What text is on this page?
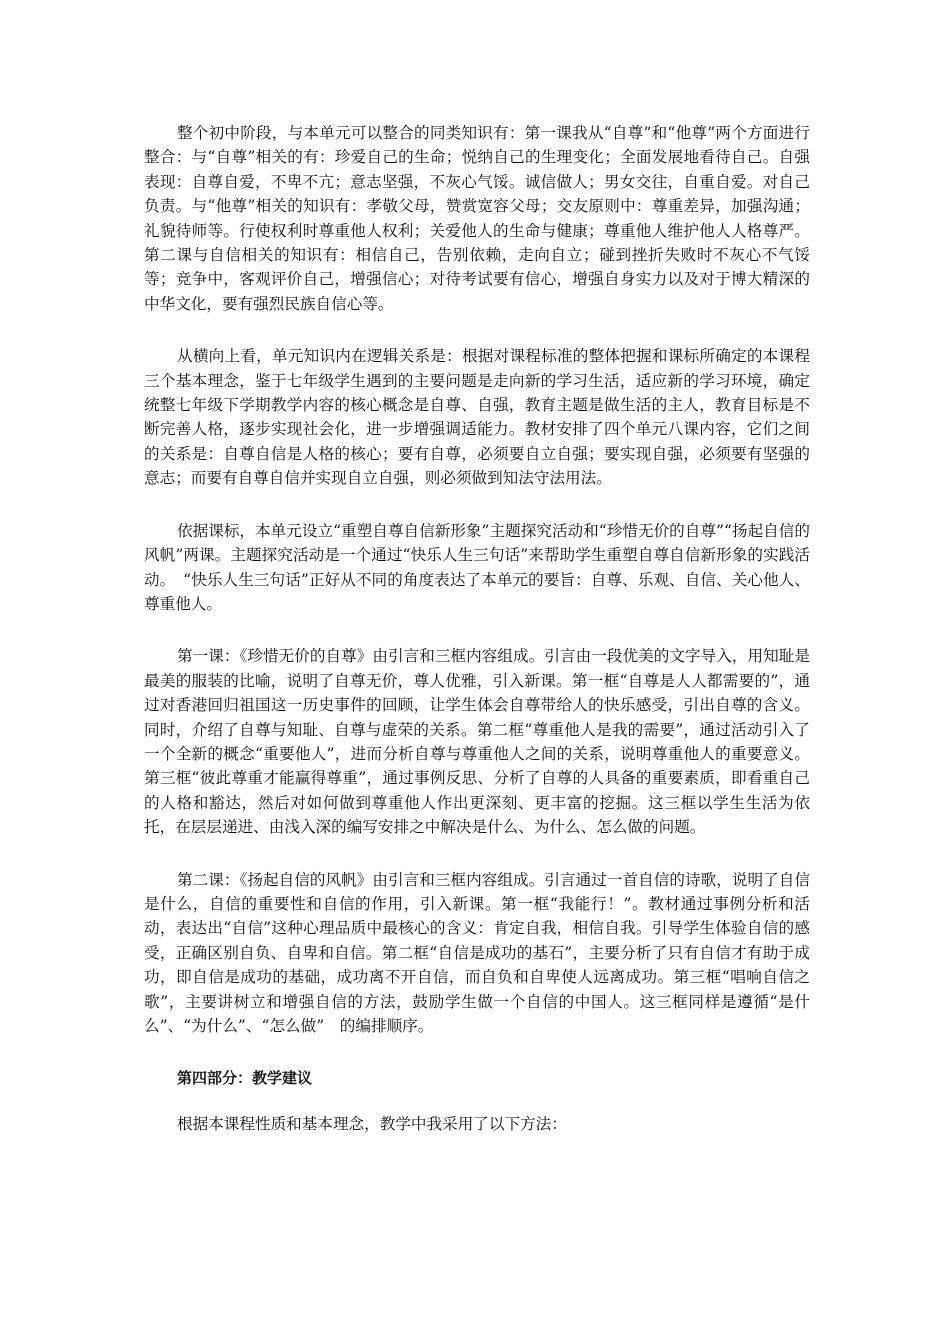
整个初中阶段，与本单元可以整合的同类知识有：第一课我从“自尊”和“他尊”两个方面进行整合：与“自尊”相关的有：珍爱自己的生命；悦纳自己的生理变化；全面发展地看待自己。自强表现：自尊自爱，不卑不亢；意志坚强，不灰心气馁。诚信做人；男女交往，自重自爱。对自己负责。与“他尊”相关的知识有：孝敬父母，赞赏宽容父母；交友原则中：尊重差异，加强沟通；礼貌待师等。行使权利时尊重他人权利；关爱他人的生命与健康；尊重他人维护他人人格尊严。第二课与自信相关的知识有：相信自己，告别依赖，走向自立；碰到挫折失败时不灰心不气馁等；竞争中，客观评价自己，增强信心；对待考试要有信心，增强自身实力以及对于博大精深的中华文化，要有强烈民族自信心等。

从横向上看，单元知识内在逻辑关系是：根据对课程标准的整体把握和课标所确定的本课程三个基本理念，鉴于七年级学生遇到的主要问题是走向新的学习生活，适应新的学习环境，确定统整七年级下学期教学内容的核心概念是自尊、自强，教育主题是做生活的主人，教育目标是不断完善人格，逐步实现社会化，进一步增强调适能力。教材安排了四个单元八课内容，它们之间的关系是：自尊自信是人格的核心；要有自尊，必须要自立自强；要实现自强，必须要有坚强的意志；而要有自尊自信并实现自立自强，则必须做到知法守法用法。

依据课标，本单元设立“重塑自尊自信新形象”主题探究活动和“珍惜无价的自尊”“扬起自信的风帆”两课。主题探究活动是一个通过“快乐人生三句话”来帮助学生重塑自尊自信新形象的实践活动。　“快乐人生三句话”正好从不同的角度表达了本单元的要旨：自尊、乐观、自信、关心他人、尊重他人。

第一课：《珍惜无价的自尊》由引言和三框内容组成。引言由一段优美的文字导入，用知耻是最美的服装的比喻，说明了自尊无价，尊人优雅，引入新课。第一框“自尊是人人都需要的”，通过对香港回归祖国这一历史事件的回顾，让学生体会自尊带给人的快乐感受，引出自尊的含义。同时，介绍了自尊与知耻、自尊与虚荣的关系。第二框“尊重他人是我的需要”，通过活动引入了一个全新的概念“重要他人”，进而分析自尊与尊重他人之间的关系，说明尊重他人的重要意义。第三框“彼此尊重才能赢得尊重”，通过事例反思、分析了自尊的人具备的重要素质，即看重自己的人格和豁达，然后对如何做到尊重他人作出更深刻、更丰富的挖掘。这三框以学生生活为依托，在层层递进、由浅入深的编写安排之中解决是什么、为什么、怎么做的问题。

第二课：《扬起自信的风帆》由引言和三框内容组成。引言通过一首自信的诗歌，说明了自信是什么，自信的重要性和自信的作用，引入新课。第一框“我能行！”。教材通过事例分析和活动，表达出“自信”这种心理品质中最核心的含义：肯定自我，相信自我。引导学生体验自信的感受，正确区别自负、自卑和自信。第二框“自信是成功的基石”，主要分析了只有自信才有助于成功，即自信是成功的基础，成功离不开自信，而自负和自卑使人远离成功。第三框“唱响自信之歌”，主要讲树立和增强自信的方法，鼓励学生做一个自信的中国人。这三框同样是遵循“是什么”、“为什么”、“怎么做”　的编排顺序。

第四部分：教学建议

根据本课程性质和基本理念，教学中我采用了以下方法：
